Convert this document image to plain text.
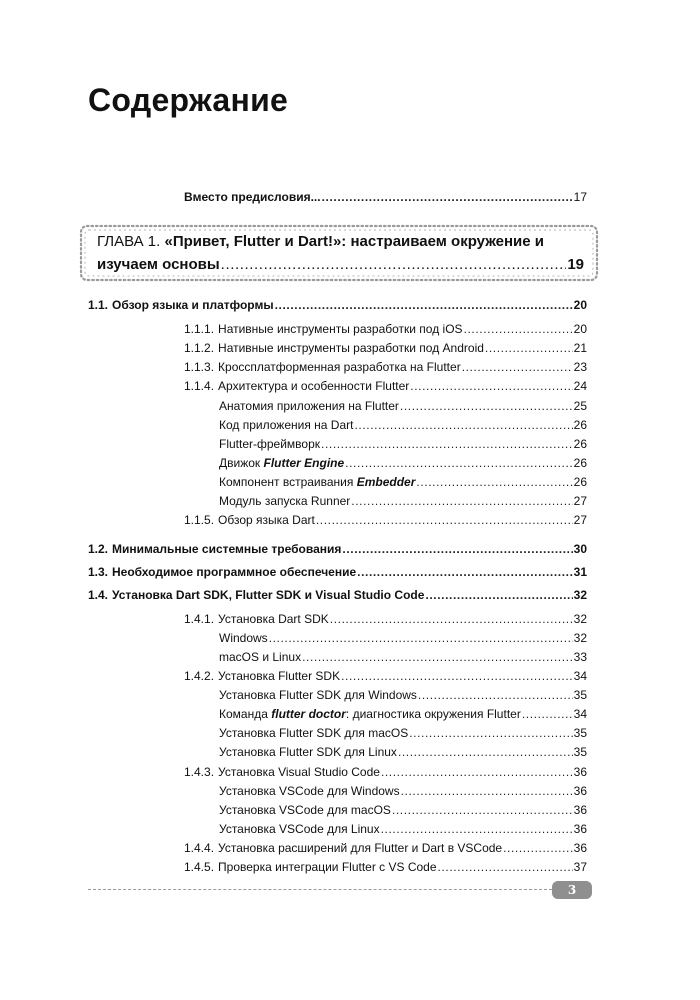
Содержание
Вместо предисловия... .....	17
ГЛАВА 1. «Привет, Flutter и Dart!»: настраиваем окружение и
изучаем основы .....	19
1.1. Обзор языка и платформы .....	20
1.1.1. Нативные инструменты разработки под iOS .....	20
1.1.2. Нативные инструменты разработки под Android .....	21
1.1.3. Кроссплатформенная разработка на Flutter .....	23
1.1.4. Архитектура и особенности Flutter .....	24
Анатомия приложения на Flutter .....	25
Код приложения на Dart .....	26
Flutter-фреймворк .....	26
Движок Flutter Engine .....	26
Компонент встраивания Embedder .....	26
Модуль запуска Runner .....	27
1.1.5. Обзор языка Dart .....	27
1.2. Минимальные системные требования .....	30
1.3. Необходимое программное обеспечение .....	31
1.4. Установка Dart SDK, Flutter SDK и Visual Studio Code .....	32
1.4.1. Установка Dart SDK .....	32
Windows .....	32
macOS и Linux .....	33
1.4.2. Установка Flutter SDK .....	34
Установка Flutter SDK для Windows .....	35
Команда flutter doctor: диагностика окружения Flutter .....	34
Установка Flutter SDK для macOS .....	35
Установка Flutter SDK для Linux .....	35
1.4.3. Установка Visual Studio Code .....	36
Установка VSCode для Windows .....	36
Установка VSCode для macOS .....	36
Установка VSCode для Linux .....	36
1.4.4. Установка расширений для Flutter и Dart в VSCode .....	36
1.4.5. Проверка интеграции Flutter с VS Code .....	37
3
